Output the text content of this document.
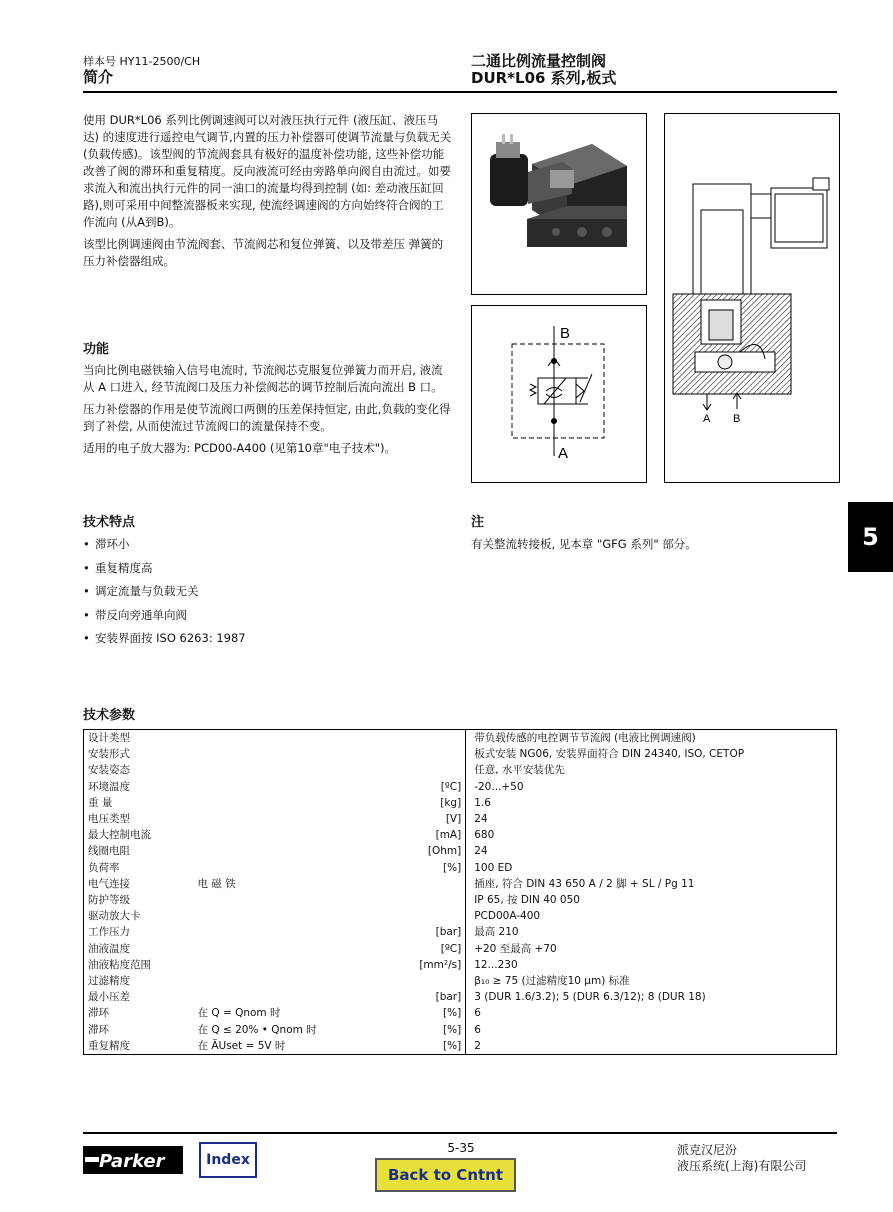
样本号 HY11-2500/CH
简介
二通比例流量控制阀
DUR*L06 系列,板式

使用 DUR*L06 系列比例调速阀可以对液压执行元件 (液压缸、液压马达) 的速度进行遥控电气调节,内置的压力补偿器可使调节流量与负载无关 (负载传感)。该型阀的节流阀套具有极好的温度补偿功能, 这些补偿功能改善了阀的滞环和重复精度。反向液流可经由旁路单向阀自由流过。如要求流入和流出执行元件的同一油口的流量均得到控制 (如: 差动液压缸回路),则可采用中间整流器板来实现, 使流经调速阀的方向始终符合阀的工作流向 (从A到B)。

该型比例调速阀由节流阀套、节流阀芯和复位弹簧、以及带差压 弹簧的压力补偿器组成。

功能

当向比例电磁铁输入信号电流时, 节流阀芯克服复位弹簧力而开启, 液流从 A 口进入, 经节流阀口及压力补偿阀芯的调节控制后流向流出 B 口。

压力补偿器的作用是使节流阀口两侧的压差保持恒定, 由此,负载的变化得到了补偿, 从而使流过节流阀口的流量保持不变。

适用的电子放大器为: PCD00-A400 (见第10章"电子技术")。

技术特点
• 滞环小
• 重复精度高
• 调定流量与负载无关
• 带反向旁通单向阀
• 安装界面按 ISO 6263: 1987
B
A
A B
注
有关整流转接板, 见本章 "GFG 系列" 部分。	5
技术参数
设计类型			带负载传感的电控调节节流阀 (电液比例调速阀)
安装形式			板式安装 NG06, 安装界面符合 DIN 24340, ISO, CETOP
安装姿态			任意, 水平安装优先
环境温度		[ºC]	-20...+50
重 量		[kg]	1.6
电压类型		[V]	24
最大控制电流		[mA]	680
线圈电阻		[Ohm]	24
负荷率		[%]	100 ED
电气连接	电 磁 铁		插座, 符合 DIN 43 650 A / 2 脚 + SL / Pg 11
防护等级			IP 65, 按 DIN 40 050
驱动放大卡			PCD00A-400
工作压力		[bar]	最高 210
油液温度		[ºC]	+20 至最高 +70
油液粘度范围		[mm²/s]	12...230
过滤精度			β₁₀ ≥ 75 (过滤精度10 μm) 标准
最小压差		[bar]	3 (DUR 1.6/3.2); 5 (DUR 6.3/12); 8 (DUR 18)
滞环	在 Q = Qnom 时	[%]	6
滞环	在 Q ≤ 20% • Qnom 时	[%]	6
重复精度	在 ÄUset = 5V 时	[%]	2
Parker	Index
5-35
Back to Cntnt
派克汉尼汾
液压系统(上海)有限公司
